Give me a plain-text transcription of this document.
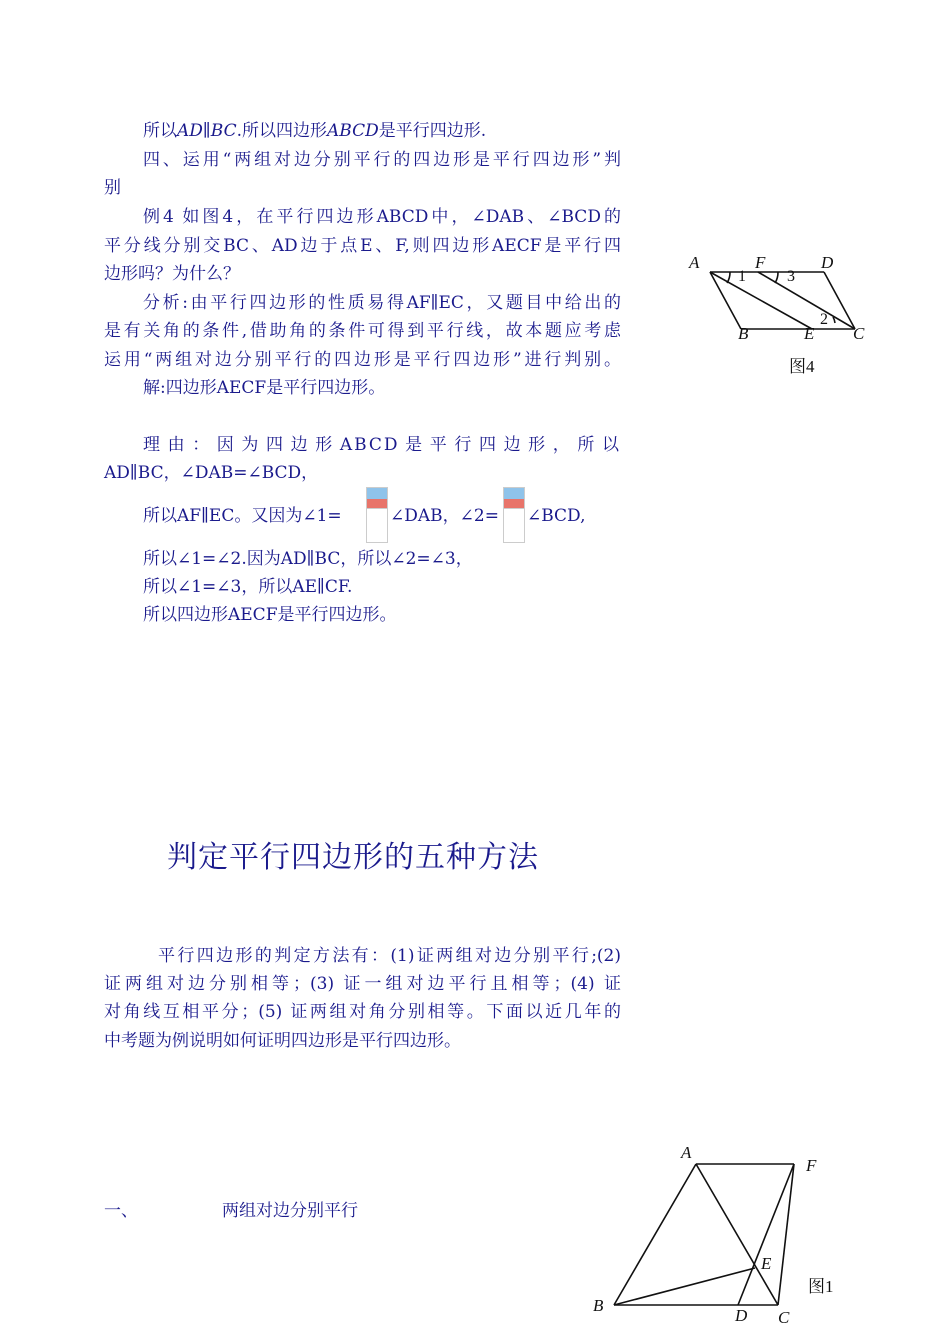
所以AD∥BC.所以四边形ABCD是平行四边形.
四、运用“两组对边分别平行的四边形是平行四边形”判
别
例4 如图4，在平行四边形ABCD中，∠DAB、∠BCD的
平分线分别交BC、AD边于点E、F,则四边形AECF是平行四
边形吗？为什么？
分析:由平行四边形的性质易得AF∥EC，又题目中给出的
是有关角的条件,借助角的条件可得到平行线，故本题应考虑
运用“两组对边分别平行的四边形是平行四边形”进行判别。
解:四边形AECF是平行四边形。
理由：因为四边形ABCD是平行四边形，所以
AD∥BC，∠DAB=∠BCD，
所以AF∥EC。又因为∠1=	∠DAB，∠2= ∠BCD,
所以∠1=∠2.因为AD∥BC，所以∠2=∠3，
所以∠1=∠3，所以AE∥CF.
所以四边形AECF是平行四边形。
A	F	D
B	E C
1	3
2
图4
判定平行四边形的五种方法
平行四边形的判定方法有：(1)证两组对边分别平行;(2)
证两组对边分别相等；(3) 证一组对边平行且相等；(4) 证
对角线互相平分；(5) 证两组对角分别相等。下面以近几年的
中考题为例说明如何证明四边形是平行四边形。
一、	两组对边分别平行
A
F
E
B
D C
图1
